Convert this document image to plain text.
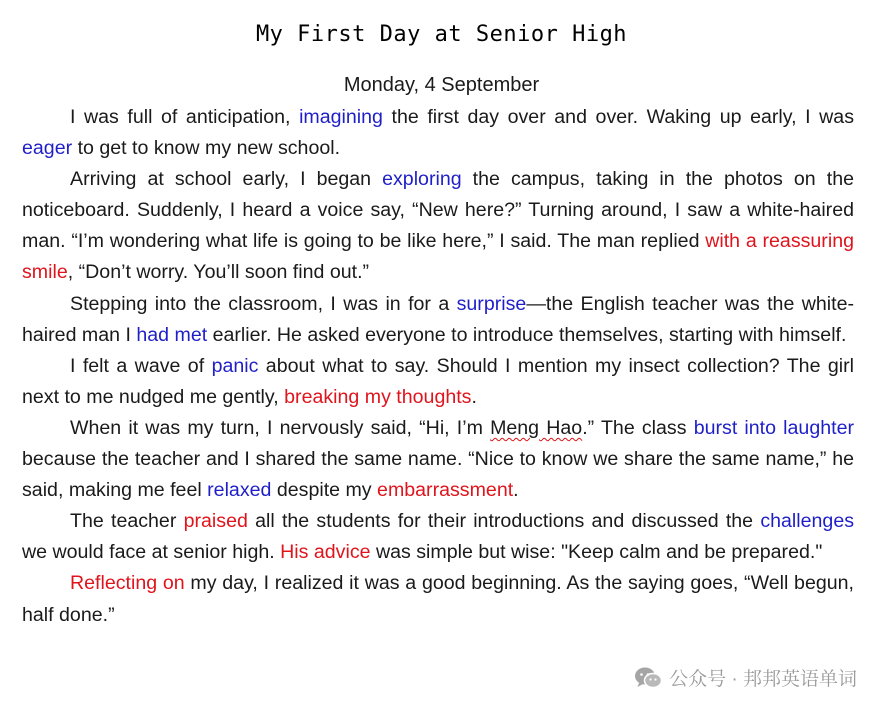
My First Day at Senior High
Monday, 4 September

I was full of anticipation, imagining the first day over and over. Waking up early, I was eager to get to know my new school.

Arriving at school early, I began exploring the campus, taking in the photos on the noticeboard. Suddenly, I heard a voice say, “New here?” Turning around, I saw a white-haired man. “I’m wondering what life is going to be like here,” I said. The man replied with a reassuring smile, “Don’t worry. You’ll soon find out.”

Stepping into the classroom, I was in for a surprise—the English teacher was the white-haired man I had met earlier. He asked everyone to introduce themselves, starting with himself.

I felt a wave of panic about what to say. Should I mention my insect collection? The girl next to me nudged me gently, breaking my thoughts.

When it was my turn, I nervously said, “Hi, I’m Meng Hao.” The class burst into laughter because the teacher and I shared the same name. “Nice to know we share the same name,” he said, making me feel relaxed despite my embarrassment.

The teacher praised all the students for their introductions and discussed the challenges we would face at senior high. His advice was simple but wise: "Keep calm and be prepared."

Reflecting on my day, I realized it was a good beginning. As the saying goes, “Well begun, half done.”

公众号 · 邦邦英语单词
